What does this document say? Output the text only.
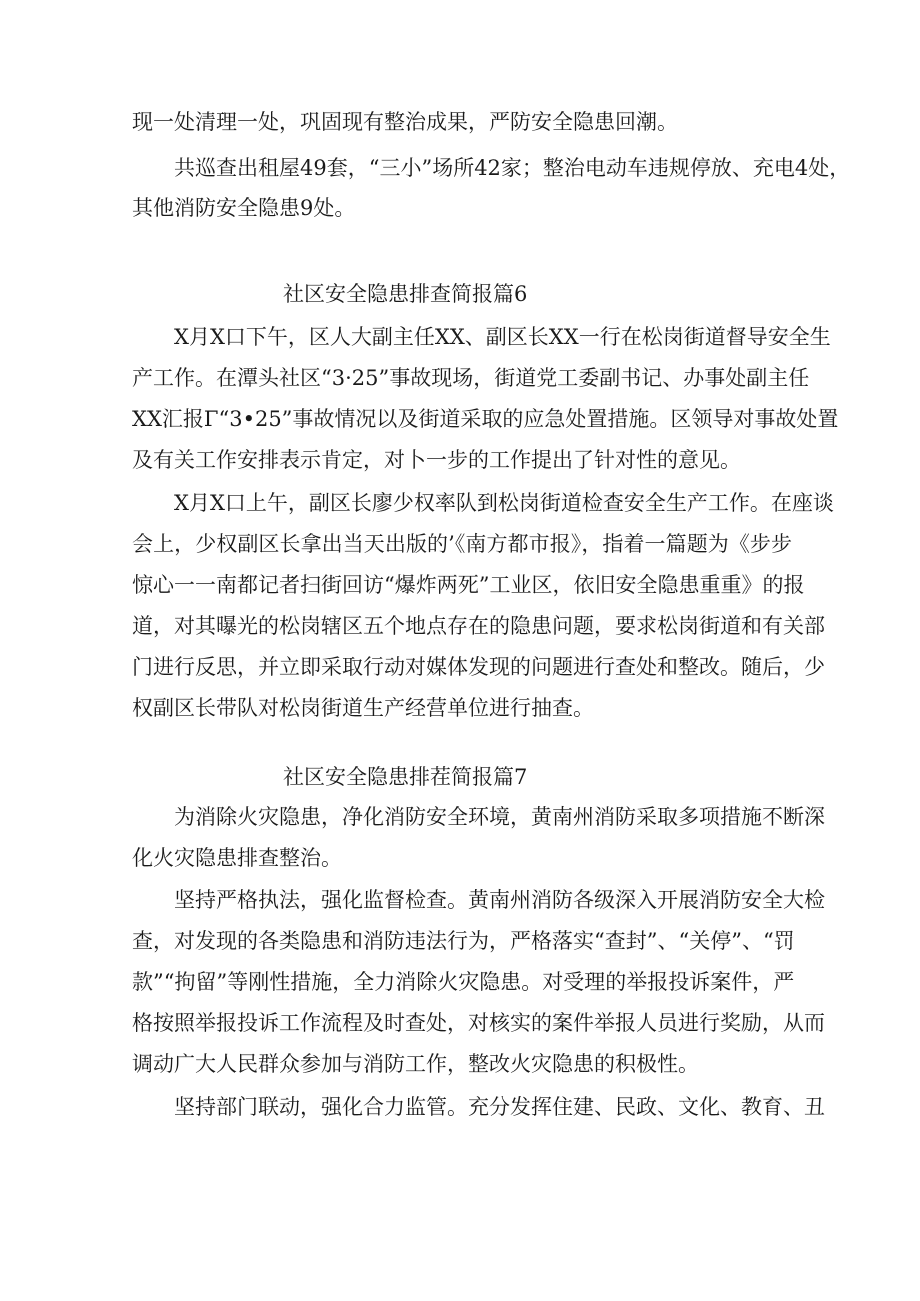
现一处清理一处，巩固现有整治成果，严防安全隐患回潮。
共巡查出租屋49套，“三小”场所42家；整治电动车违规停放、充电4处，
其他消防安全隐患9处。
社区安全隐患排查简报篇6
X月X口下午，区人大副主任XX、副区长XX一行在松岗街道督导安全生
产工作。在潭头社区“3·25”事故现场，街道党工委副书记、办事处副主任
XX汇报Γ“3•25”事故情况以及街道采取的应急处置措施。区领导对事故处置
及有关工作安排表示肯定，对卜一步的工作提出了针对性的意见。
X月X口上午，副区长廖少权率队到松岗街道检查安全生产工作。在座谈
会上，少权副区长拿出当天出版的’《南方都市报》，指着一篇题为《步步
惊心一一南都记者扫街回访“爆炸两死”工业区，依旧安全隐患重重》的报
道，对其曝光的松岗辖区五个地点存在的隐患问题，要求松岗街道和有关部
门进行反思，并立即采取行动对媒体发现的问题进行查处和整改。随后，少
权副区长带队对松岗街道生产经营单位进行抽查。
社区安全隐患排茬简报篇7
为消除火灾隐患，净化消防安全环境，黄南州消防采取多项措施不断深
化火灾隐患排查整治。
坚持严格执法，强化监督检查。黄南州消防各级深入开展消防安全大检
查，对发现的各类隐患和消防违法行为，严格落实“查封”、“关停”、“罚
款”“拘留”等刚性措施，全力消除火灾隐患。对受理的举报投诉案件，严
格按照举报投诉工作流程及时查处，对核实的案件举报人员进行奖励，从而
调动广大人民群众参加与消防工作，整改火灾隐患的积极性。
坚持部门联动，强化合力监管。充分发挥住建、民政、文化、教育、丑
